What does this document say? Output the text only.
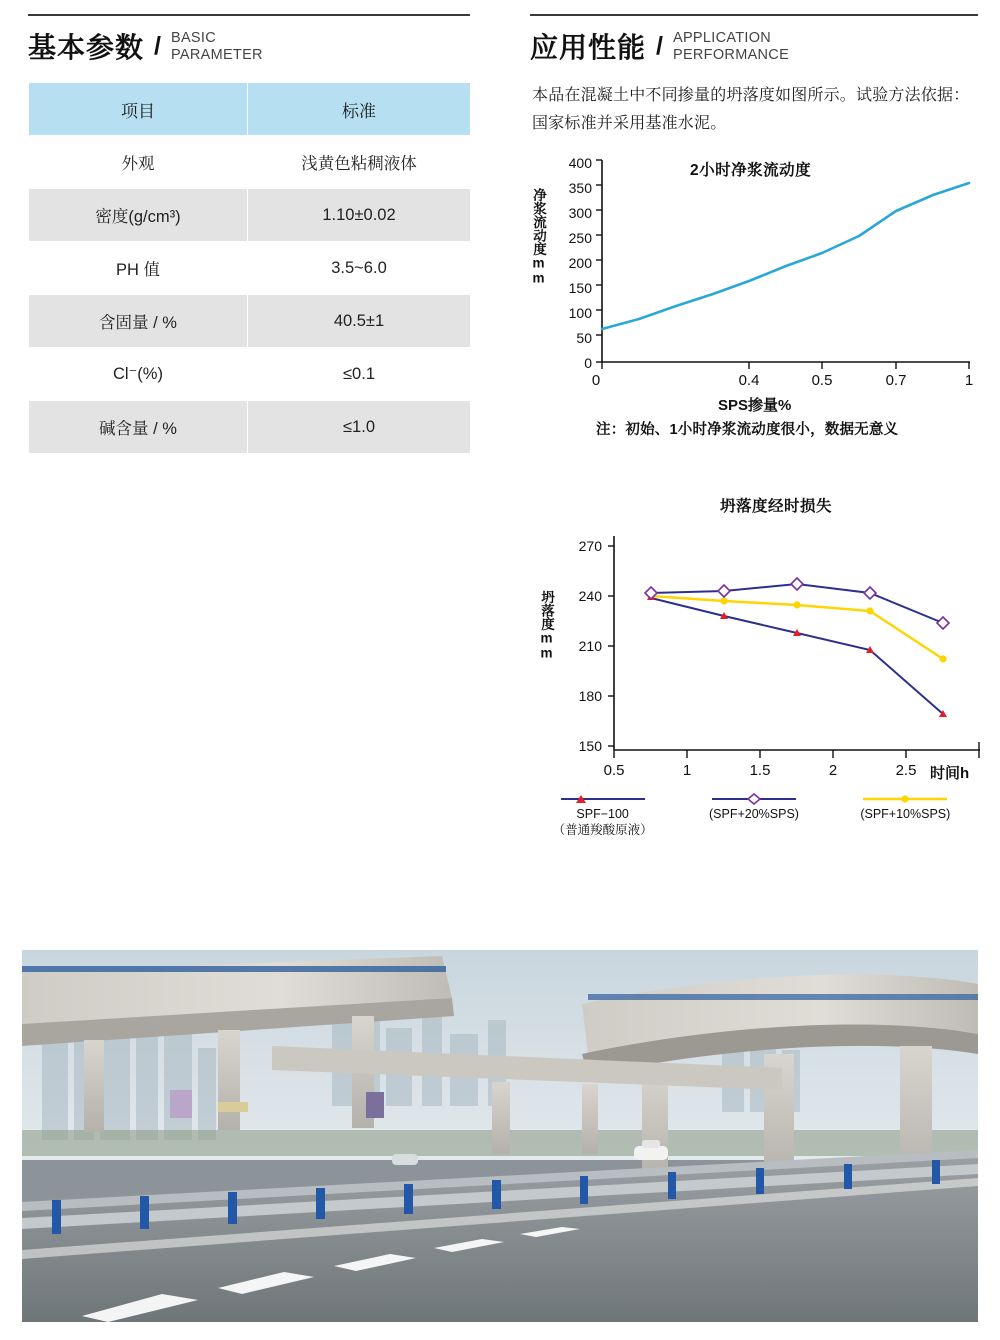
基本参数 / BASIC
PARAMETER
项目	标准
外观	浅黄色粘稠液体
密度(g/cm³)	1.10±0.02
PH 值	3.5~6.0
含固量 / %	40.5±1
Cl⁻(%)	≤0.1
碱含量 / %	≤1.0
应用性能 / APPLICATION
PERFORMANCE
本品在混凝土中不同掺量的坍落度如图所示。试验方法依据：国家标准并采用基准水泥。
2小时净浆流动度
净浆流动度mm
400
350
300
250
200
150
100
50
0
0	0.4	0.5	0.7	1
SPS掺量%
注：初始、1小时净浆流动度很小，数据无意义
坍落度经时损失
坍落度mm
270
240
210
180
150
0.5	1	1.5	2	2.5 时间h
SPF−100
（普通羧酸原液）
(SPF+20%SPS)	(SPF+10%SPS)
